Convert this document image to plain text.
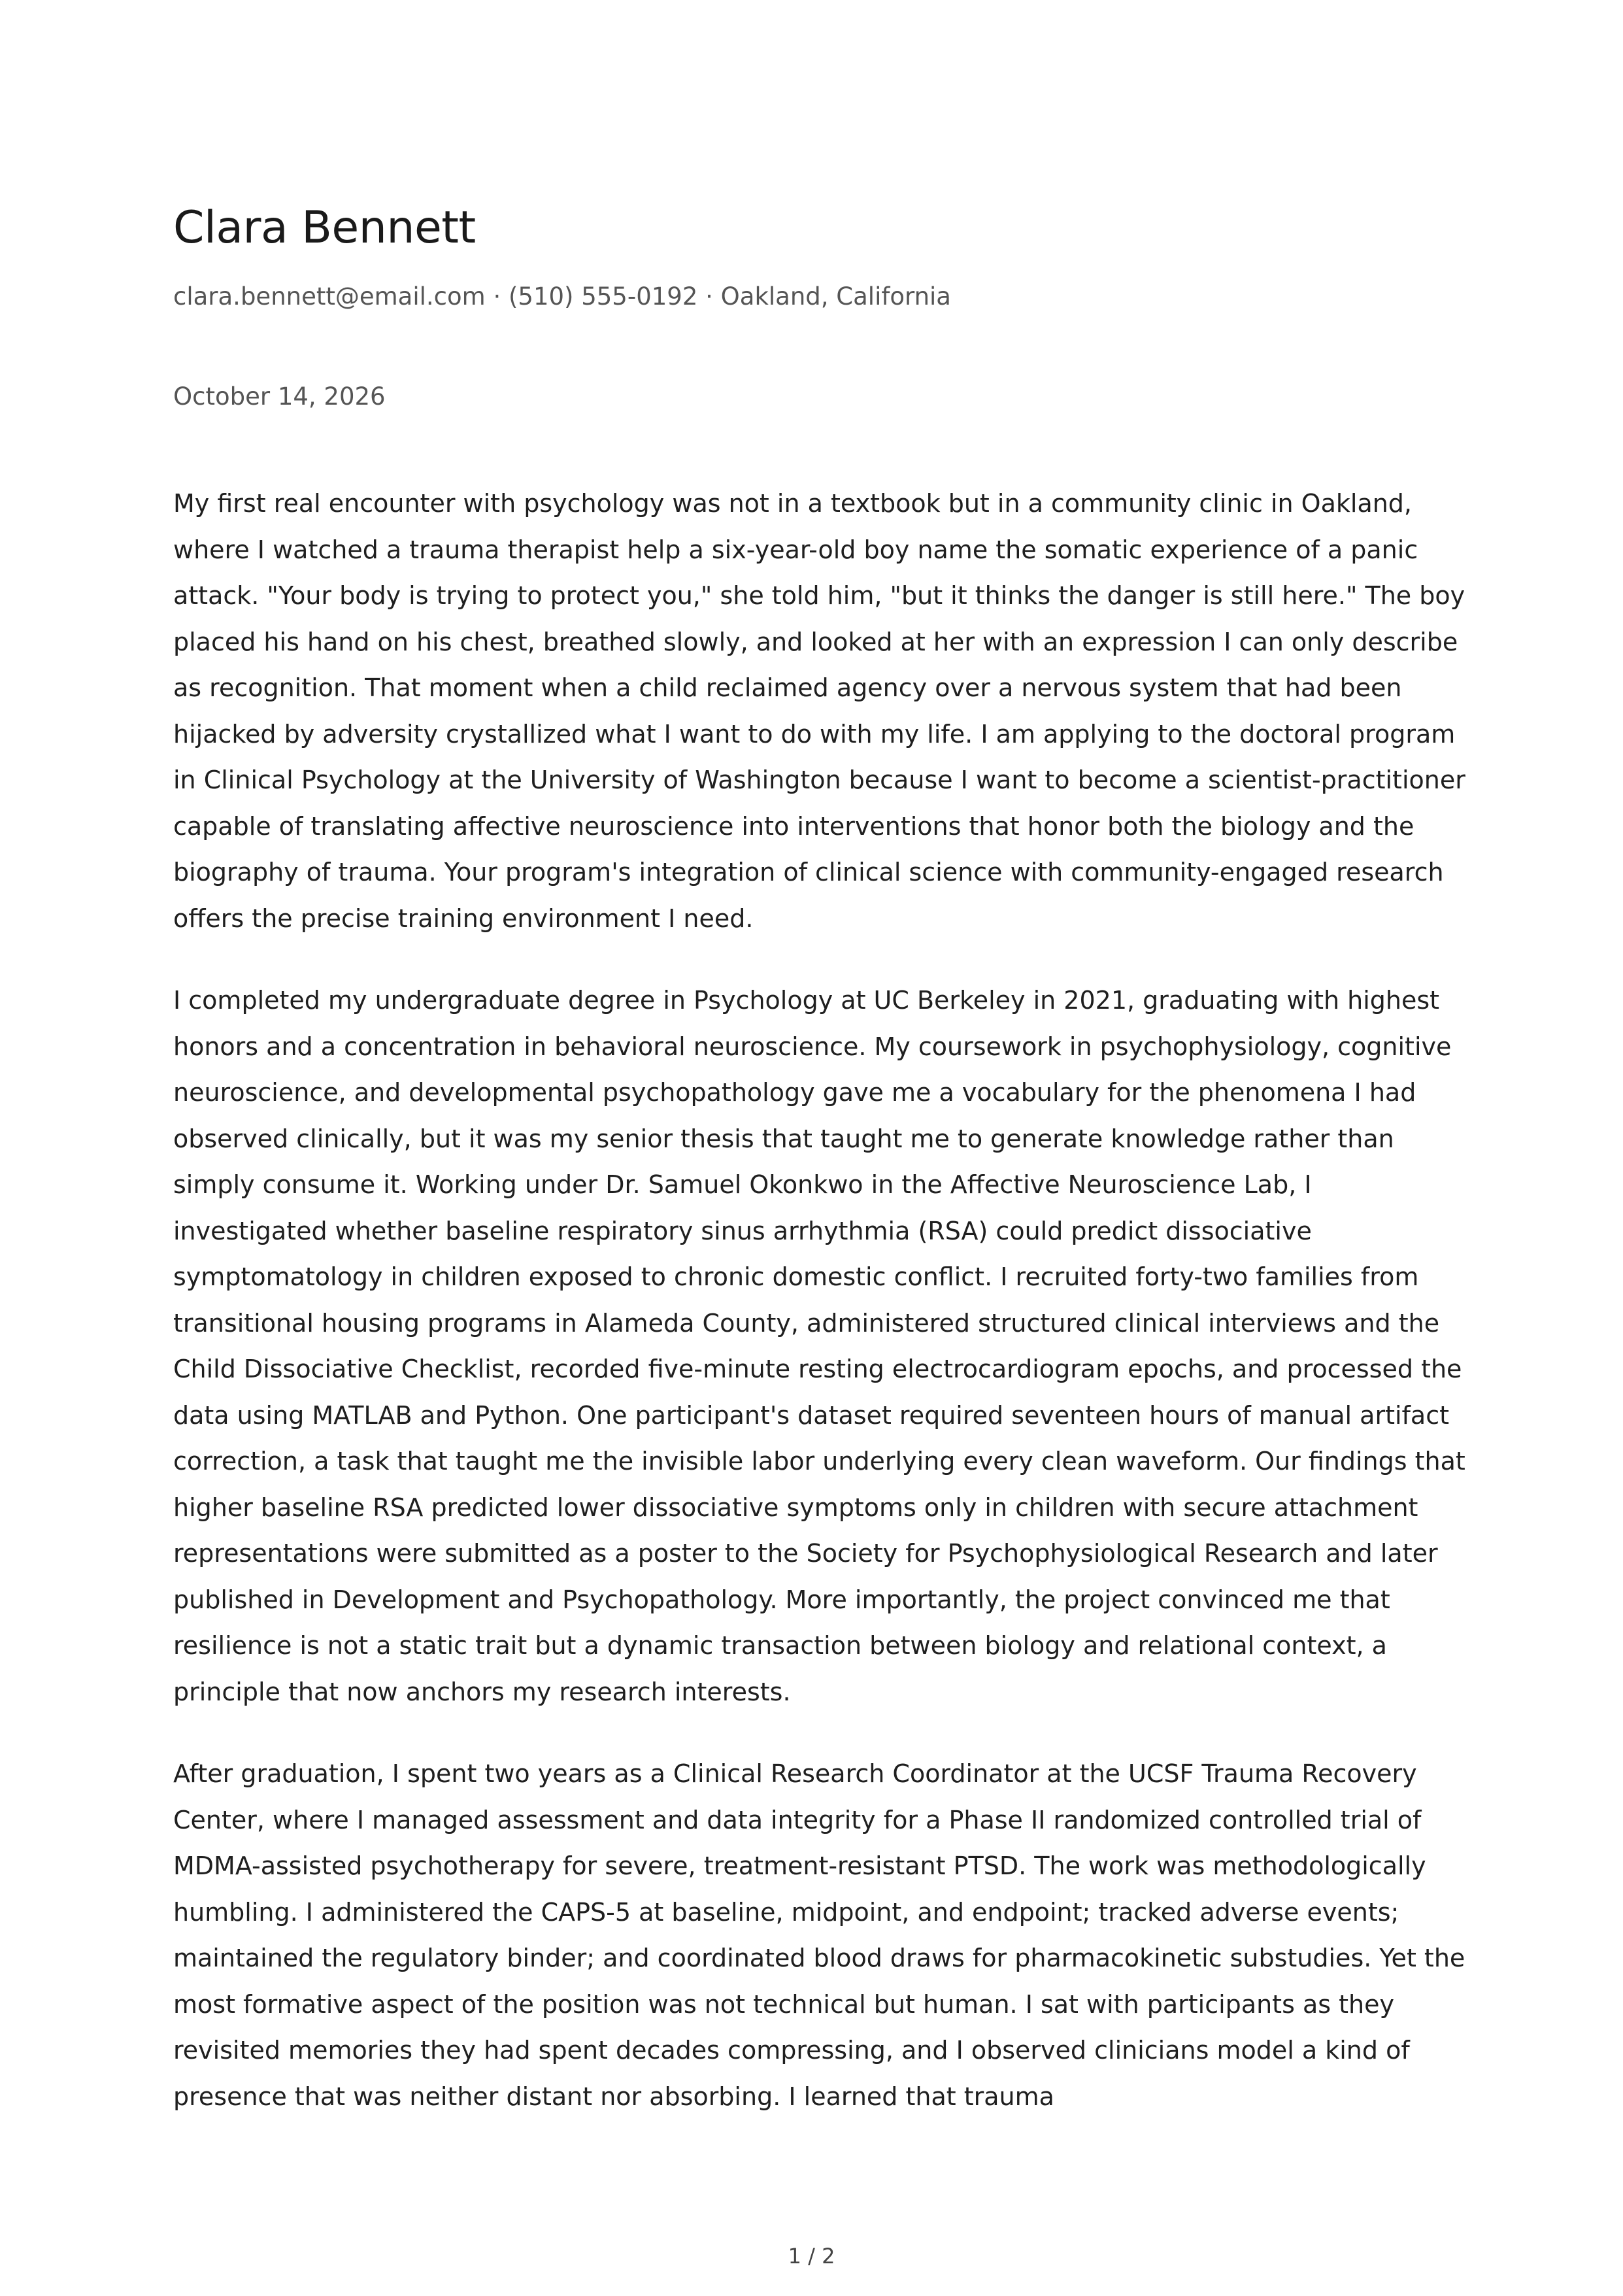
Clara Bennett
clara.bennett@email.com · (510) 555-0192 · Oakland, California
October 14, 2026

My first real encounter with psychology was not in a textbook but in a community clinic in Oakland, where I watched a trauma therapist help a six-year-old boy name the somatic experience of a panic attack. "Your body is trying to protect you," she told him, "but it thinks the danger is still here." The boy placed his hand on his chest, breathed slowly, and looked at her with an expression I can only describe as recognition. That moment when a child reclaimed agency over a nervous system that had been hijacked by adversity crystallized what I want to do with my life. I am applying to the doctoral program in Clinical Psychology at the University of Washington because I want to become a scientist-practitioner capable of translating affective neuroscience into interventions that honor both the biology and the biography of trauma. Your program's integration of clinical science with community-engaged research offers the precise training environment I need.

I completed my undergraduate degree in Psychology at UC Berkeley in 2021, graduating with highest honors and a concentration in behavioral neuroscience. My coursework in psychophysiology, cognitive neuroscience, and developmental psychopathology gave me a vocabulary for the phenomena I had observed clinically, but it was my senior thesis that taught me to generate knowledge rather than simply consume it. Working under Dr. Samuel Okonkwo in the Affective Neuroscience Lab, I investigated whether baseline respiratory sinus arrhythmia (RSA) could predict dissociative symptomatology in children exposed to chronic domestic conflict. I recruited forty-two families from transitional housing programs in Alameda County, administered structured clinical interviews and the Child Dissociative Checklist, recorded five-minute resting electrocardiogram epochs, and processed the data using MATLAB and Python. One participant's dataset required seventeen hours of manual artifact correction, a task that taught me the invisible labor underlying every clean waveform. Our findings that higher baseline RSA predicted lower dissociative symptoms only in children with secure attachment representations were submitted as a poster to the Society for Psychophysiological Research and later published in Development and Psychopathology. More importantly, the project convinced me that resilience is not a static trait but a dynamic transaction between biology and relational context, a principle that now anchors my research interests.

After graduation, I spent two years as a Clinical Research Coordinator at the UCSF Trauma Recovery Center, where I managed assessment and data integrity for a Phase II randomized controlled trial of MDMA-assisted psychotherapy for severe, treatment-resistant PTSD. The work was methodologically humbling. I administered the CAPS-5 at baseline, midpoint, and endpoint; tracked adverse events; maintained the regulatory binder; and coordinated blood draws for pharmacokinetic substudies. Yet the most formative aspect of the position was not technical but human. I sat with participants as they revisited memories they had spent decades compressing, and I observed clinicians model a kind of presence that was neither distant nor absorbing. I learned that trauma

1 / 2
